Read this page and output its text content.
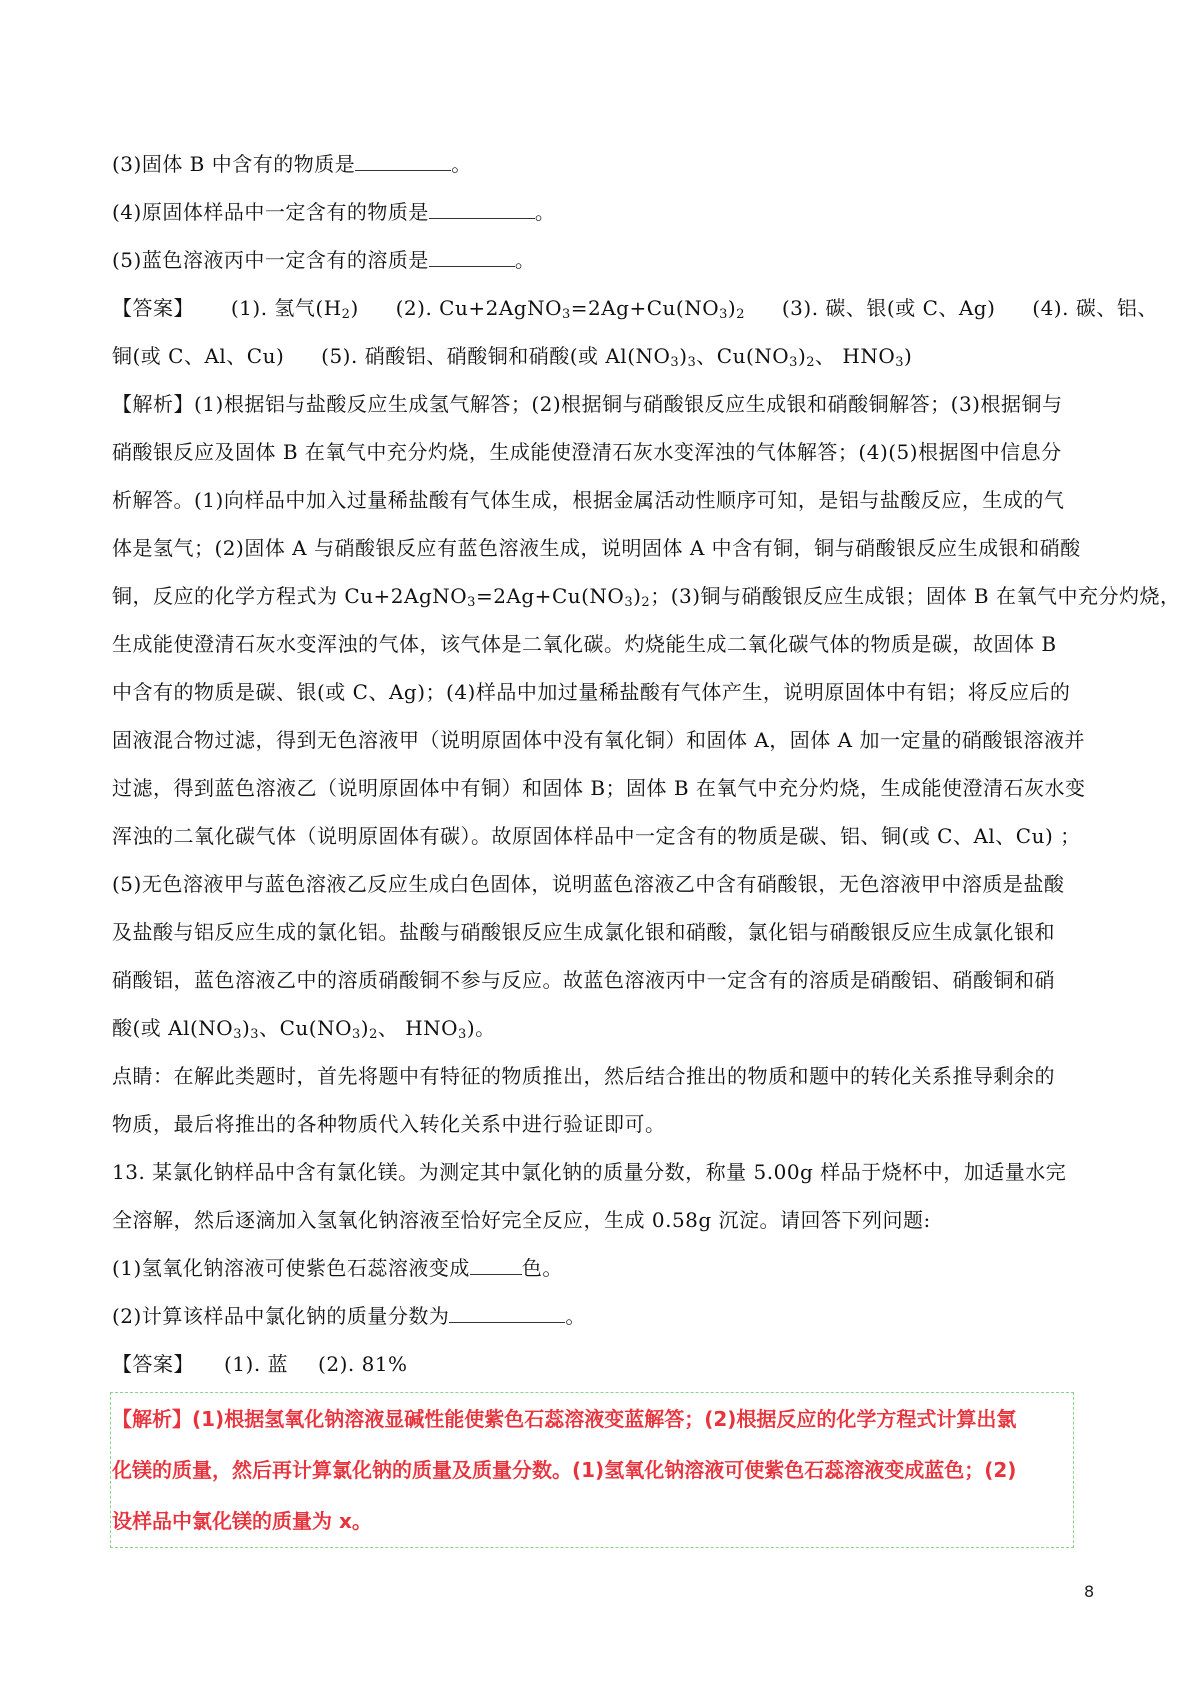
(3)固体 B 中含有的物质是	。
(4)原固体样品中一定含有的物质是	。
(5)蓝色溶液丙中一定含有的溶质是	。
【答案】 (1). 氢气$(H_2)$ (2). $Cu+2AgNO_3=2Ag+Cu(NO_3)_2$ (3). 碳、银(或 C、Ag) (4). 碳、铝、
铜(或 C、Al、Cu) (5). 硝酸铝、硝酸铜和硝酸(或 $Al(NO_3)_3$、$Cu(NO_3)_2$、 $HNO_3$)
【解析】(1)根据铝与盐酸反应生成氢气解答；(2)根据铜与硝酸银反应生成银和硝酸铜解答；(3)根据铜与
硝酸银反应及固体 B 在氧气中充分灼烧，生成能使澄清石灰水变浑浊的气体解答；(4)(5)根据图中信息分
析解答。(1)向样品中加入过量稀盐酸有气体生成，根据金属活动性顺序可知，是铝与盐酸反应，生成的气
体是氢气；(2)固体 A 与硝酸银反应有蓝色溶液生成，说明固体 A 中含有铜，铜与硝酸银反应生成银和硝酸
铜，反应的化学方程式为 $Cu+2AgNO_3=2Ag+Cu(NO_3)_2$；(3)铜与硝酸银反应生成银；固体 B 在氧气中充分灼烧，
生成能使澄清石灰水变浑浊的气体，该气体是二氧化碳。灼烧能生成二氧化碳气体的物质是碳，故固体 B
中含有的物质是碳、银(或 C、Ag)；(4)样品中加过量稀盐酸有气体产生，说明原固体中有铝；将反应后的
固液混合物过滤，得到无色溶液甲（说明原固体中没有氧化铜）和固体 A，固体 A 加一定量的硝酸银溶液并
过滤，得到蓝色溶液乙（说明原固体中有铜）和固体 B；固体 B 在氧气中充分灼烧，生成能使澄清石灰水变
浑浊的二氧化碳气体（说明原固体有碳）。故原固体样品中一定含有的物质是碳、铝、铜(或 C、Al、Cu) ；
(5)无色溶液甲与蓝色溶液乙反应生成白色固体，说明蓝色溶液乙中含有硝酸银，无色溶液甲中溶质是盐酸
及盐酸与铝反应生成的氯化铝。盐酸与硝酸银反应生成氯化银和硝酸，氯化铝与硝酸银反应生成氯化银和
硝酸铝，蓝色溶液乙中的溶质硝酸铜不参与反应。故蓝色溶液丙中一定含有的溶质是硝酸铝、硝酸铜和硝
酸(或 $Al(NO_3)_3$、$Cu(NO_3)_2$、 $HNO_3$)。
点睛：在解此类题时，首先将题中有特征的物质推出，然后结合推出的物质和题中的转化关系推导剩余的
物质，最后将推出的各种物质代入转化关系中进行验证即可。
13. 某氯化钠样品中含有氯化镁。为测定其中氯化钠的质量分数，称量 5.00g 样品于烧杯中，加适量水完
全溶解，然后逐滴加入氢氧化钠溶液至恰好完全反应，生成 0.58g 沉淀。请回答下列问题:
(1)氢氧化钠溶液可使紫色石蕊溶液变成	色。
(2)计算该样品中氯化钠的质量分数为	。
【答案】 (1). 蓝 (2). 81%
【解析】(1)根据氢氧化钠溶液显碱性能使紫色石蕊溶液变蓝解答；(2)根据反应的化学方程式计算出氯
化镁的质量，然后再计算氯化钠的质量及质量分数。(1)氢氧化钠溶液可使紫色石蕊溶液变成蓝色；(2)
设样品中氯化镁的质量为 x。
8
